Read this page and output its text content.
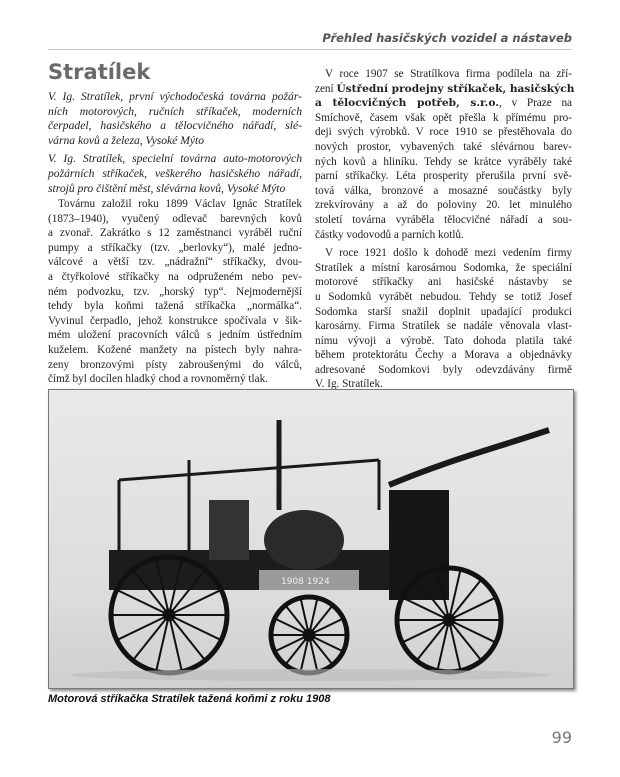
Přehled hasičských vozidel a nástaveb
Stratílek
V. Ig. Stratílek, první východočeská továrna požár-
ních motorových, ručních stříkaček, moderních
čerpadel, hasičského a tělocvičného nářadí, slé-
várna kovů a železa, Vysoké Mýto
V. Ig. Stratílek, specielní továrna auto-motorových
požárních stříkaček, veškerého hasičského nářadí,
strojů pro čištění měst, slévárna kovů, Vysoké Mýto
Továrnu založil roku 1899 Václav Ignác Stratílek
(1873–1940), vyučený odlevač barevných kovů
a zvonař. Zakrátko s 12 zaměstnanci vyráběl ruční
pumpy a stříkačky (tzv. „berlovky“), malé jedno-
válcové a větší tzv. „nádražní“ stříkačky, dvou-
a čtyřkolové stříkačky na odpruženém nebo pev-
ném podvozku, tzv. „horský typ“. Nejmodernější
tehdy byla koňmi tažená stříkačka „normálka“.
Vyvinul čerpadlo, jehož konstrukce spočívala v šik-
mém uložení pracovních válců s jedním ústředním
kuželem. Kožené manžety na pístech byly nahra-
zeny bronzovými písty zabroušenými do válců,
čímž byl docílen hladký chod a rovnoměrný tlak.
V roce 1907 se Stratílkova firma podílela na zří-
zení Ústřední prodejny stříkaček, hasičských
a tělocvičných potřeb, s.r.o., v Praze na
Smíchově, časem však opět přešla k přímému pro-
deji svých výrobků. V roce 1910 se přestěhovala do
nových prostor, vybavených také slévárnou barev-
ných kovů a hliníku. Tehdy se krátce vyráběly také
parní stříkačky. Léta prosperity přerušila první svě-
tová válka, bronzové a mosazné součástky byly
zrekvírovány a až do poloviny 20. let minulého
století továrna vyráběla tělocvičné nářadí a sou-
částky vodovodů a parních kotlů.
V roce 1921 došlo k dohodě mezi vedením firmy
Stratílek a místní karosárnou Sodomka, že speciální
motorové stříkačky ani hasičské nástavby se
u Sodomků vyrábět nebudou. Tehdy se totiž Josef
Sodomka starší snažil doplnit upadající produkci
karosárny. Firma Stratílek se nadále věnovala vlast-
nímu vývoji a výrobě. Tato dohoda platila také
během protektorátu Čechy a Morava a objednávky
adresované Sodomkovi byly odevzdávány firmě
V. Ig. Stratílek.
1908 1924
Motorová stříkačka Stratílek tažená koňmi z roku 1908
99
